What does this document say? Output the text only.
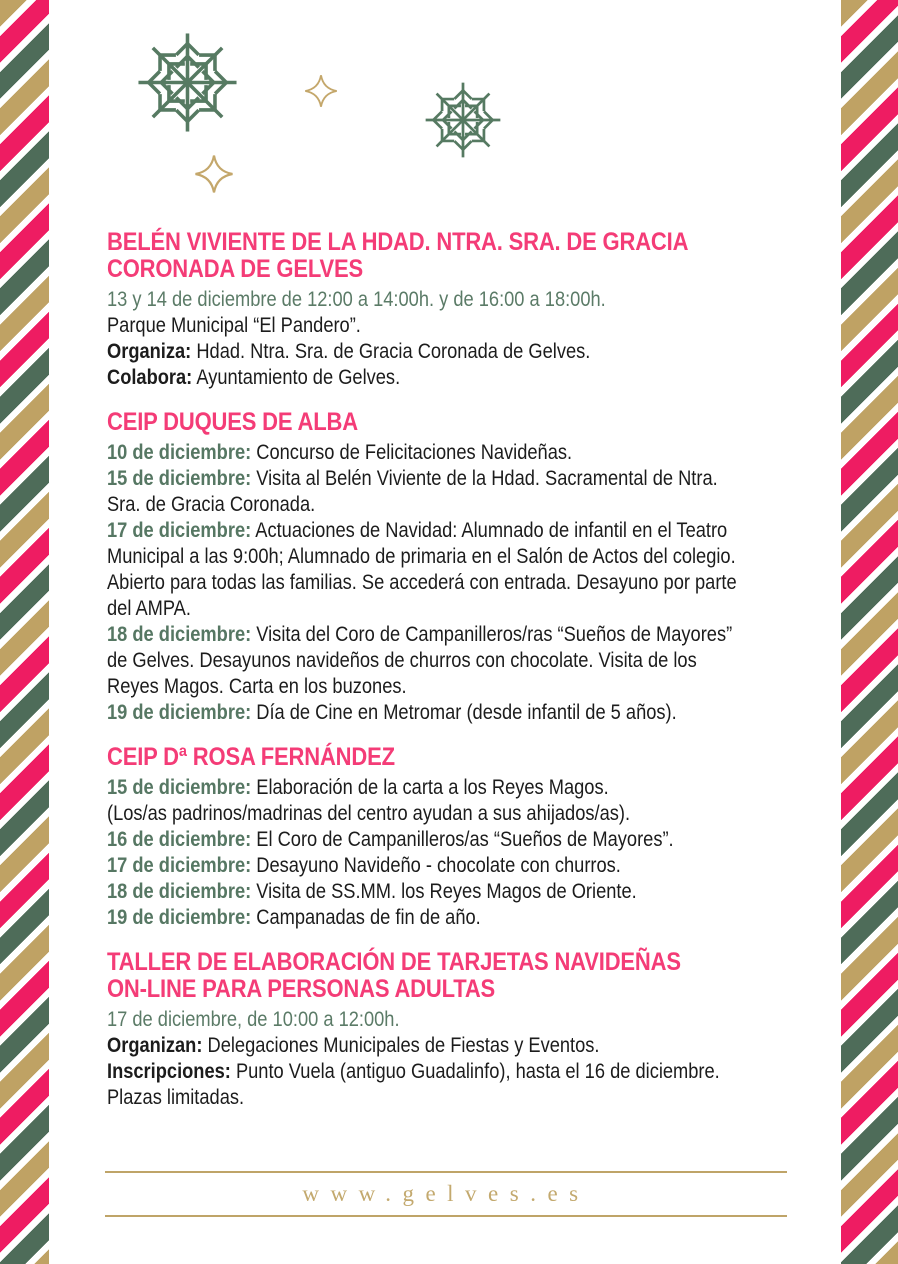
BELÉN VIVIENTE DE LA HDAD. NTRA. SRA. DE GRACIA
CORONADA DE GELVES
13 y 14 de diciembre de 12:00 a 14:00h. y de 16:00 a 18:00h.
Parque Municipal “El Pandero”.
Organiza: Hdad. Ntra. Sra. de Gracia Coronada de Gelves.
Colabora: Ayuntamiento de Gelves.
CEIP DUQUES DE ALBA
10 de diciembre: Concurso de Felicitaciones Navideñas.
15 de diciembre: Visita al Belén Viviente de la Hdad. Sacramental de Ntra.
Sra. de Gracia Coronada.
17 de diciembre: Actuaciones de Navidad: Alumnado de infantil en el Teatro
Municipal a las 9:00h; Alumnado de primaria en el Salón de Actos del colegio.
Abierto para todas las familias. Se accederá con entrada. Desayuno por parte
del AMPA.
18 de diciembre: Visita del Coro de Campanilleros/ras “Sueños de Mayores”
de Gelves. Desayunos navideños de churros con chocolate. Visita de los
Reyes Magos. Carta en los buzones.
19 de diciembre: Día de Cine en Metromar (desde infantil de 5 años).
CEIP Dª ROSA FERNÁNDEZ
15 de diciembre: Elaboración de la carta a los Reyes Magos.
(Los/as padrinos/madrinas del centro ayudan a sus ahijados/as).
16 de diciembre: El Coro de Campanilleros/as “Sueños de Mayores”.
17 de diciembre: Desayuno Navideño - chocolate con churros.
18 de diciembre: Visita de SS.MM. los Reyes Magos de Oriente.
19 de diciembre: Campanadas de fin de año.
TALLER DE ELABORACIÓN DE TARJETAS NAVIDEÑAS
ON-LINE PARA PERSONAS ADULTAS
17 de diciembre, de 10:00 a 12:00h.
Organizan: Delegaciones Municipales de Fiestas y Eventos.
Inscripciones: Punto Vuela (antiguo Guadalinfo), hasta el 16 de diciembre.
Plazas limitadas.
www.gelves.es
